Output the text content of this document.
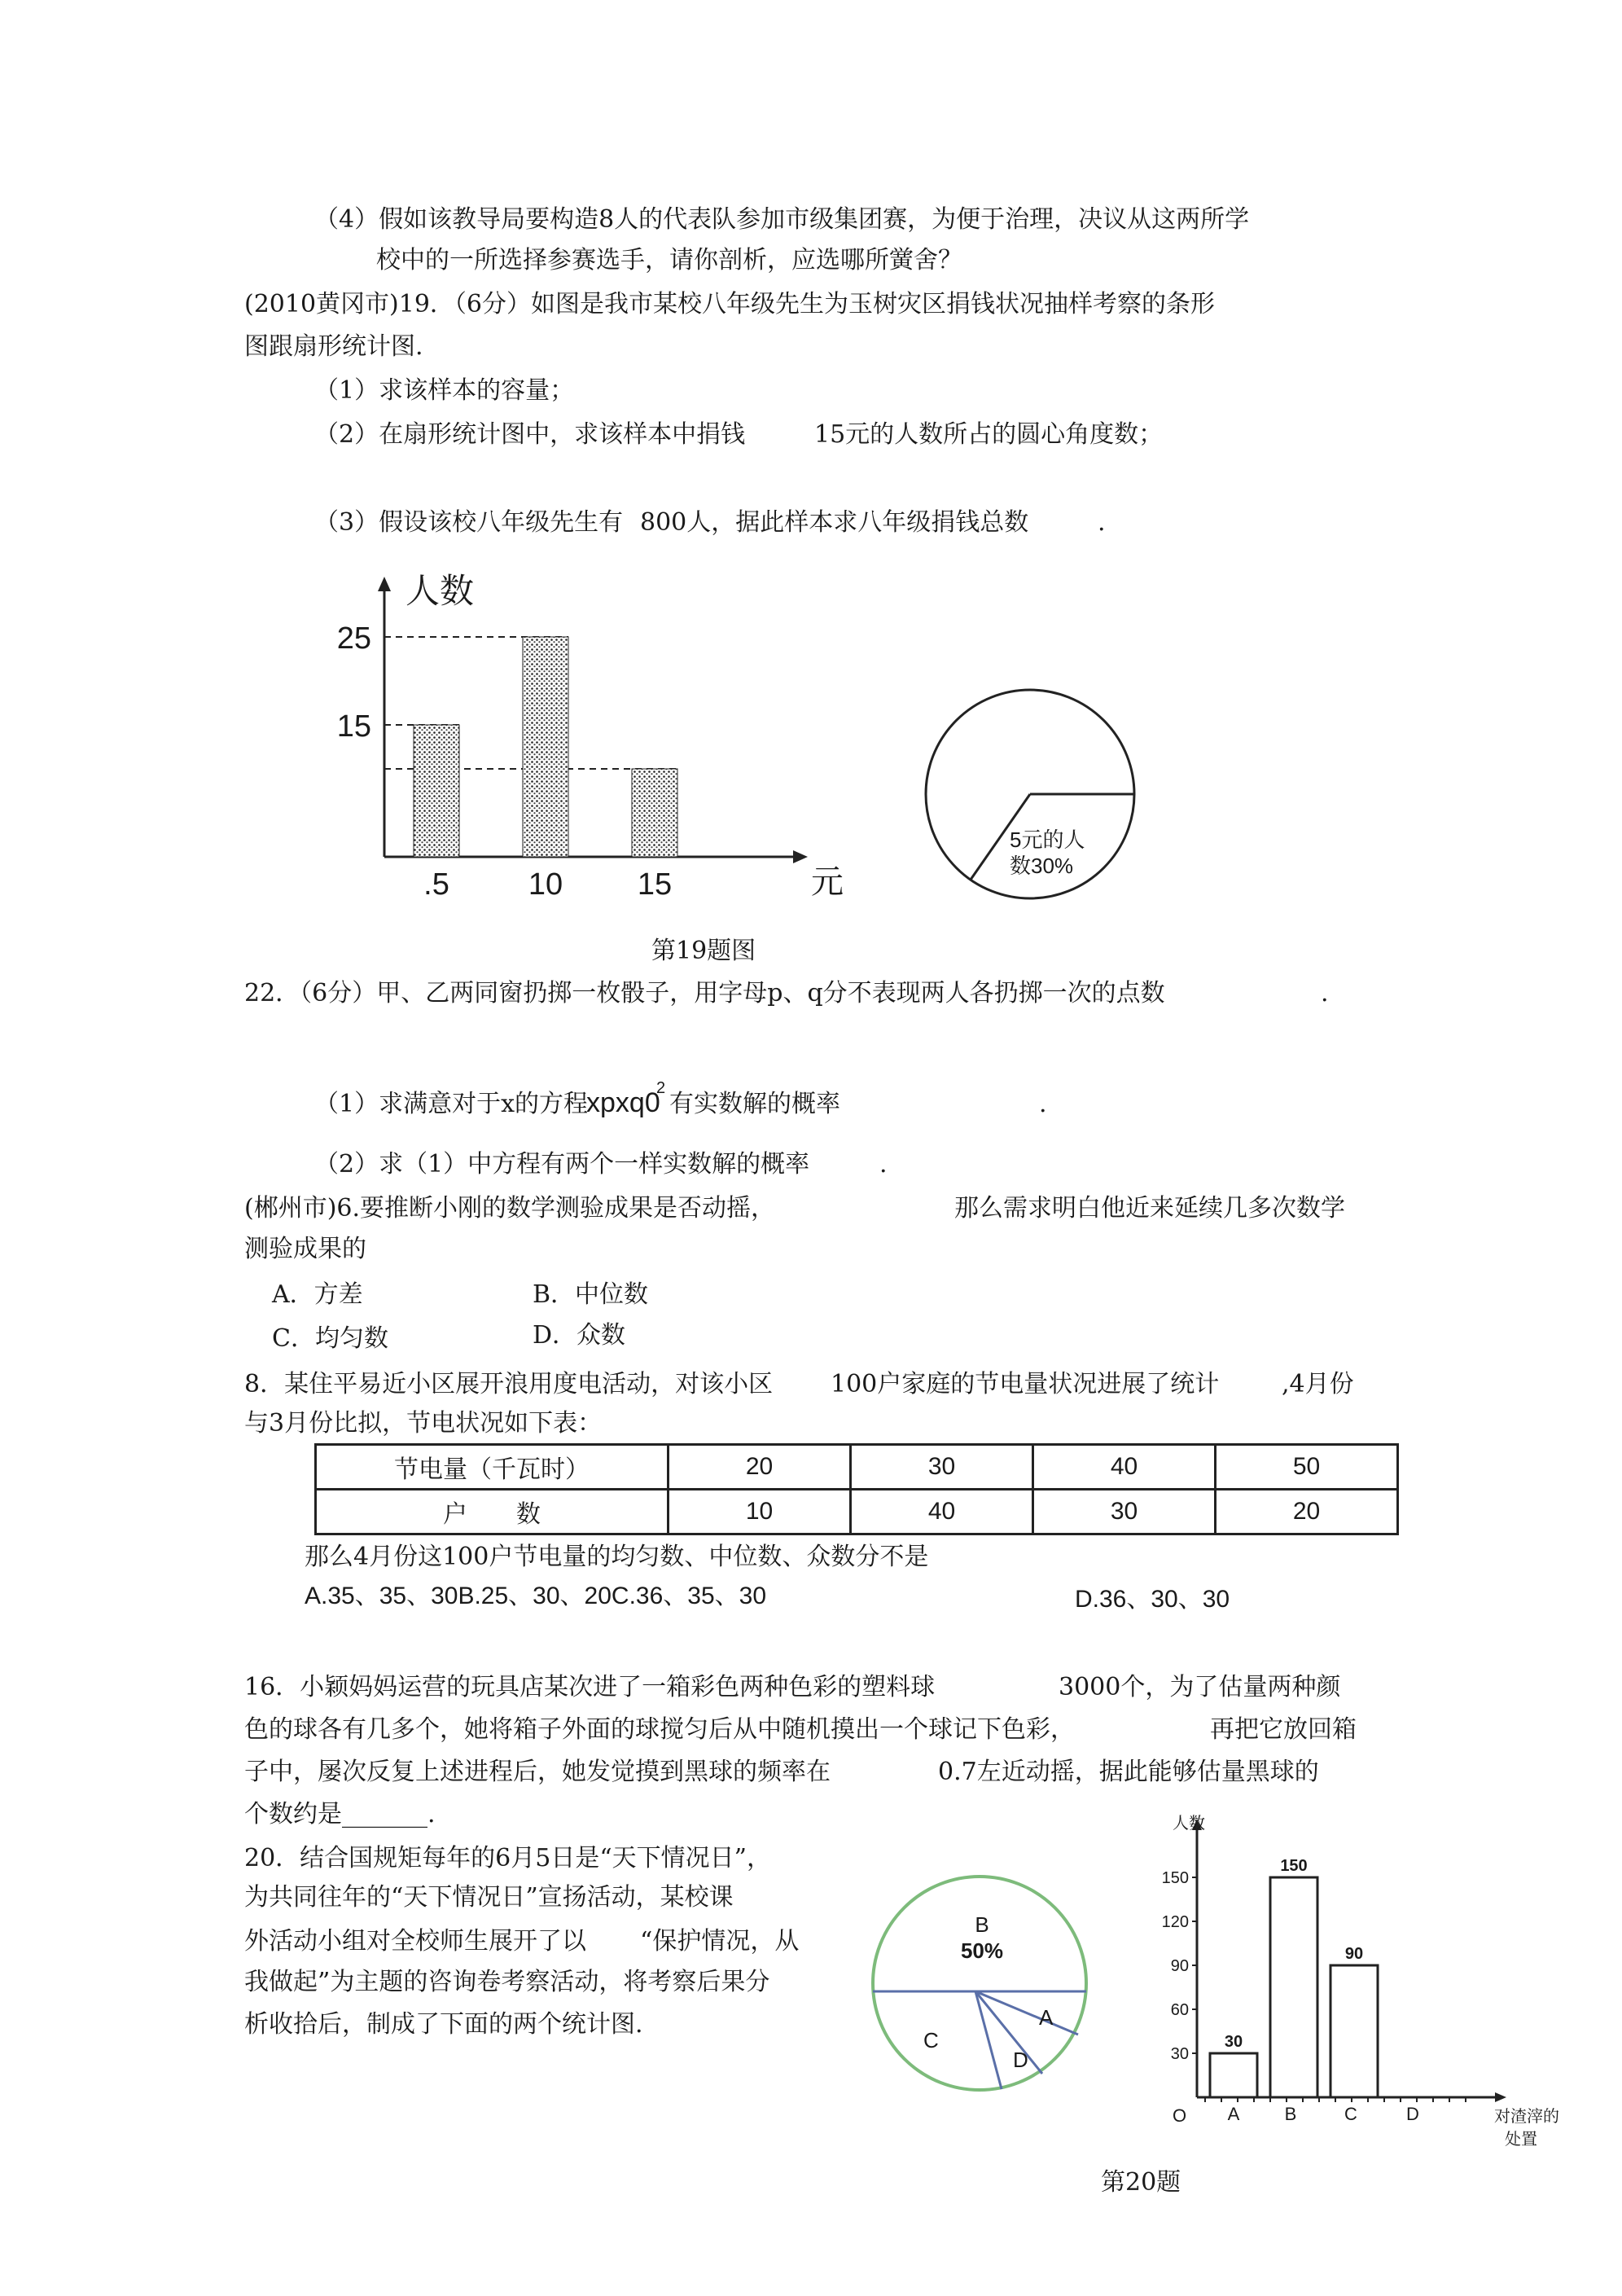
（4）假如该教导局要构造8人的代表队参加市级集团赛，为便于治理，决议从这两所学
校中的一所选择参赛选手，请你剖析，应选哪所黉舍？
(2010黄冈市)19．（6分）如图是我市某校八年级先生为玉树灾区捐钱状况抽样考察的条形
图跟扇形统计图.
（1）求该样本的容量；
（2）在扇形统计图中，求该样本中捐钱	15元的人数所占的圆心角度数；
（3）假设该校八年级先生有 800人，据此样本求八年级捐钱总数	.
人数
元
.5	10 15
25
15
第19题图
5元的人
数30%
22．（6分）甲、乙两同窗扔掷一枚骰子，用字母p、q分不表现两人各扔掷一次的点数	.
（1）求满意对于x的方程
xpxq0
2
有实数解的概率	.
（2）求（1）中方程有两个一样实数解的概率	.
(郴州市)6.要推断小刚的数学测验成果是否动摇，	那么需求明白他近来延续几多次数学
测验成果的
A．方差	B．中位数
C．均匀数	D．众数
8．某住平易近小区展开浪用度电活动，对该小区 100户家庭的节电量状况进展了统计	,4月份
与3月份比拟，节电状况如下表：
节电量（千瓦时）	20	30	40	50
户　　数	10	40	30	20
那么4月份这100户节电量的均匀数、中位数、众数分不是
A.35、35、30B.25、30、20C.36、35、30	D.36、30、30
16．小颖妈妈运营的玩具店某次进了一箱彩色两种色彩的塑料球	3000个，为了估量两种颜
色的球各有几多个，她将箱子外面的球搅匀后从中随机摸出一个球记下色彩，	再把它放回箱
子中，屡次反复上述进程后，她发觉摸到黑球的频率在	0.7左近动摇，据此能够估量黑球的
个数约是_______.
20．结合国规矩每年的6月5日是“天下情况日”，
为共同往年的“天下情况日”宣扬活动，某校课
外活动小组对全校师生展开了以 “保护情况，从
我做起”为主题的咨询卷考察活动，将考察后果分
析收拾后，制成了下面的两个统计图.
B
50%
C
A
D
O
人数
对渣滓的
处置
30
60
90
120
150
30
A
150
B
90
C	D
第20题
